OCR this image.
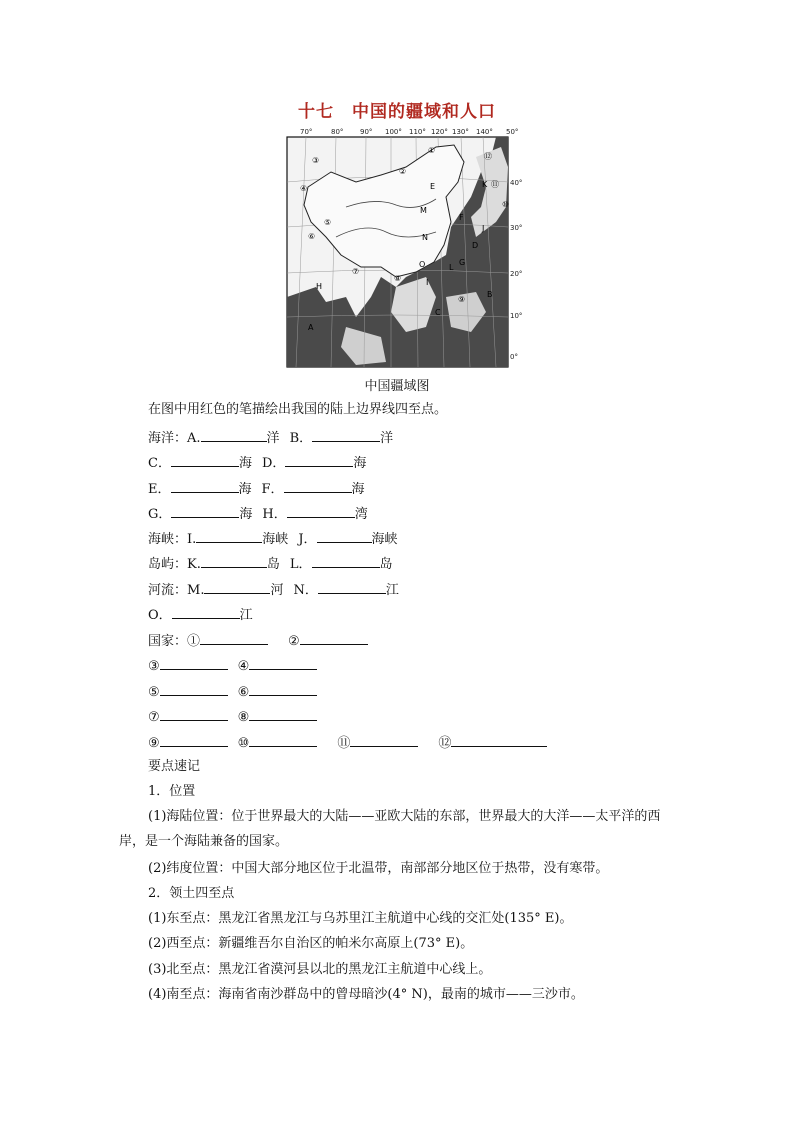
十七　中国的疆域和人口
70°	80° 90° 100° 110° 120° 130° 140° 50°
40°
30°
20°
10°
0°
①
②
③
④
⑥
⑦
⑧
⑨
⑩
⑪
⑤
⑫
A
B
C
D
E
F
G
H	I
J
K
L
M
N
O
中国疆域图
在图中用红色的笔描绘出我国的陆上边界线四至点。
海洋：A.	洋 B．	洋
C．	海 D．	海
E．	海 F．	海
G．	海 H．	湾
海峡：I.	海峡 J．	海峡
岛屿：K.	岛 L．	岛
河流：M.	河 N．	江
O．	江
国家：①	②
③	④
⑤	⑥
⑦	⑧
⑨	⑩	⑪	⑫
要点速记
1．位置
(1)海陆位置：位于世界最大的大陆——亚欧大陆的东部，世界最大的大洋——太平洋的西岸，是一个海陆兼备的国家。
(2)纬度位置：中国大部分地区位于北温带，南部部分地区位于热带，没有寒带。
2．领土四至点
(1)东至点：黑龙江省黑龙江与乌苏里江主航道中心线的交汇处(135° E)。
(2)西至点：新疆维吾尔自治区的帕米尔高原上(73° E)。
(3)北至点：黑龙江省漠河县以北的黑龙江主航道中心线上。
(4)南至点：海南省南沙群岛中的曾母暗沙(4° N)，最南的城市——三沙市。
